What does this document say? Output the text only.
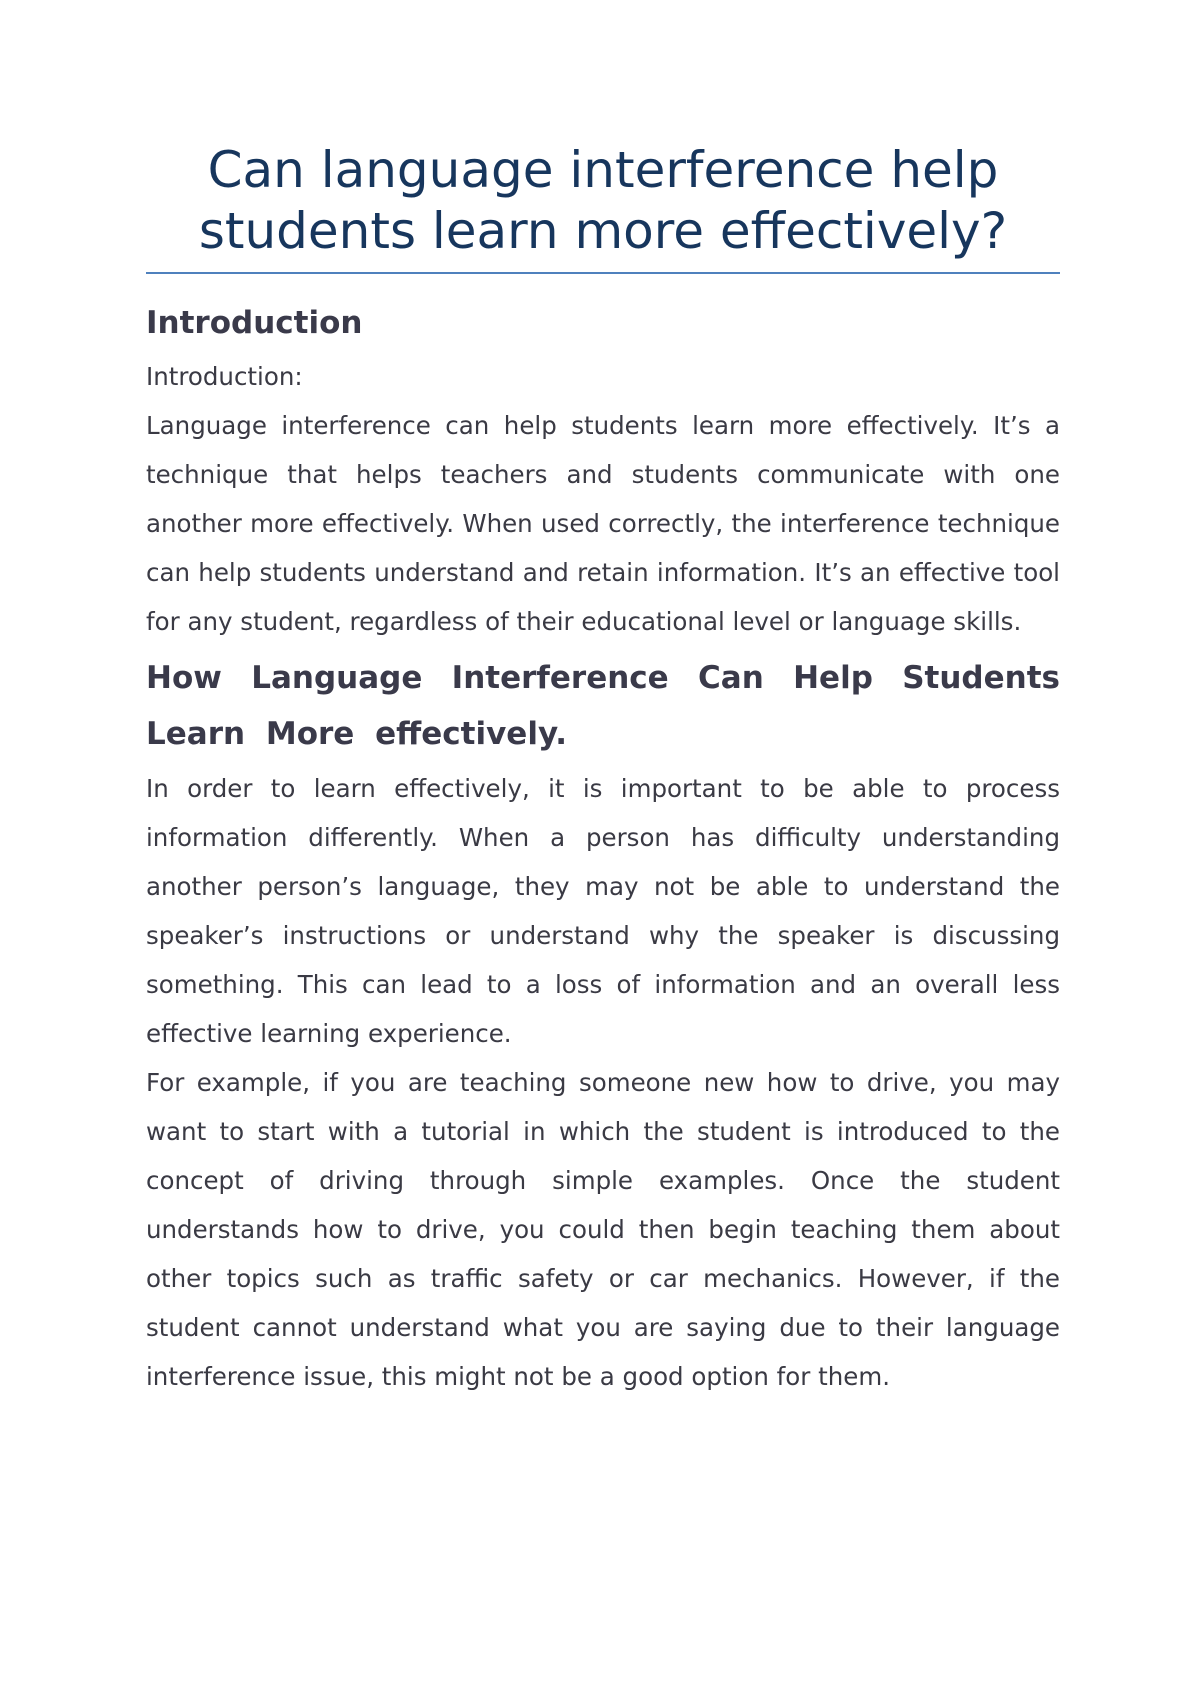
Can language interference help students learn more effectively?
Introduction

Introduction:

Language interference can help students learn more effectively. It’s a technique that helps teachers and students communicate with one another more effectively. When used correctly, the interference technique can help students understand and retain information. It’s an effective tool for any student, regardless of their educational level or language skills.

How Language Interference Can Help Students Learn More effectively.

In order to learn effectively, it is important to be able to process information differently. When a person has difficulty understanding another person’s language, they may not be able to understand the speaker’s instructions or understand why the speaker is discussing something. This can lead to a loss of information and an overall less effective learning experience.

For example, if you are teaching someone new how to drive, you may want to start with a tutorial in which the student is introduced to the concept of driving through simple examples. Once the student understands how to drive, you could then begin teaching them about other topics such as traffic safety or car mechanics. However, if the student cannot understand what you are saying due to their language interference issue, this might not be a good option for them.
